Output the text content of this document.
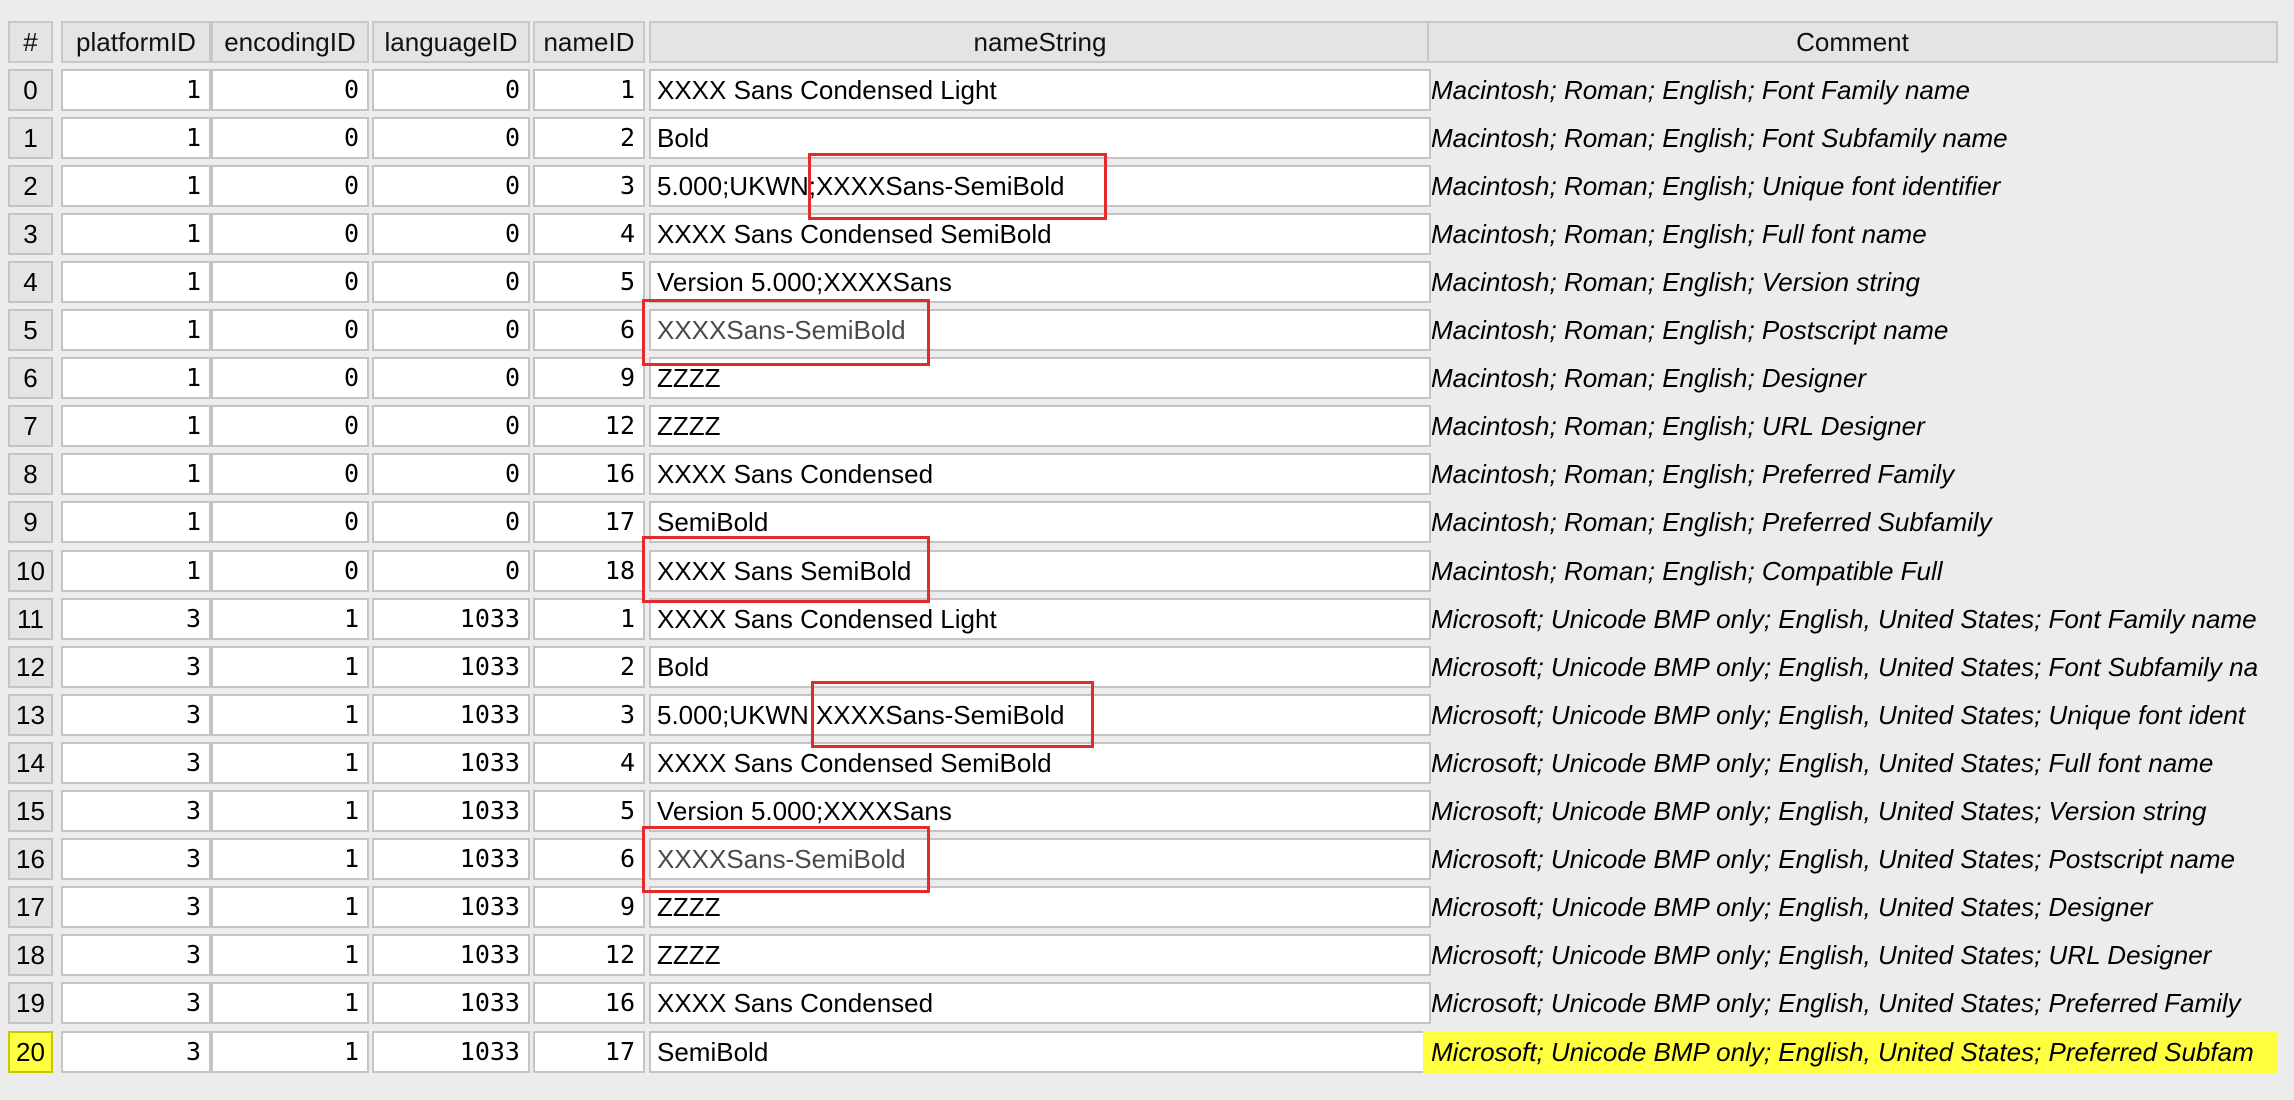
#	platformID	encodingID	languageID nameID	nameString	Comment
0	1	0	0	1 XXXX Sans Condensed Light	Macintosh; Roman; English; Font Family name
1	1	0	0	2 Bold	Macintosh; Roman; English; Font Subfamily name
2	1	0	0	3 5.000;UKWN;XXXXSans-SemiBold	Macintosh; Roman; English; Unique font identifier
3	1	0	0	4 XXXX Sans Condensed SemiBold	Macintosh; Roman; English; Full font name
4	1	0	0	5 Version 5.000;XXXXSans	Macintosh; Roman; English; Version string
5	1	0	0	6 XXXXSans-SemiBold	Macintosh; Roman; English; Postscript name
6	1	0	0	9 ZZZZ	Macintosh; Roman; English; Designer
7	1	0	0	12 ZZZZ	Macintosh; Roman; English; URL Designer
8	1	0	0	16 XXXX Sans Condensed	Macintosh; Roman; English; Preferred Family
9	1	0	0	17 SemiBold	Macintosh; Roman; English; Preferred Subfamily
10	1	0	0	18 XXXX Sans SemiBold	Macintosh; Roman; English; Compatible Full
11	3	1	1033	1 XXXX Sans Condensed Light	Microsoft; Unicode BMP only; English, United States; Font Family name
12	3	1	1033	2 Bold	Microsoft; Unicode BMP only; English, United States; Font Subfamily na
13	3	1	1033	3 5.000;UKWN;XXXXSans-SemiBold	Microsoft; Unicode BMP only; English, United States; Unique font ident
14	3	1	1033	4 XXXX Sans Condensed SemiBold	Microsoft; Unicode BMP only; English, United States; Full font name
15	3	1	1033	5 Version 5.000;XXXXSans	Microsoft; Unicode BMP only; English, United States; Version string
16	3	1	1033	6 XXXXSans-SemiBold	Microsoft; Unicode BMP only; English, United States; Postscript name
17	3	1	1033	9 ZZZZ	Microsoft; Unicode BMP only; English, United States; Designer
18	3	1	1033	12 ZZZZ	Microsoft; Unicode BMP only; English, United States; URL Designer
19	3	1	1033	16 XXXX Sans Condensed	Microsoft; Unicode BMP only; English, United States; Preferred Family
20	3	1	1033	17 SemiBold	Microsoft; Unicode BMP only; English, United States; Preferred Subfam
